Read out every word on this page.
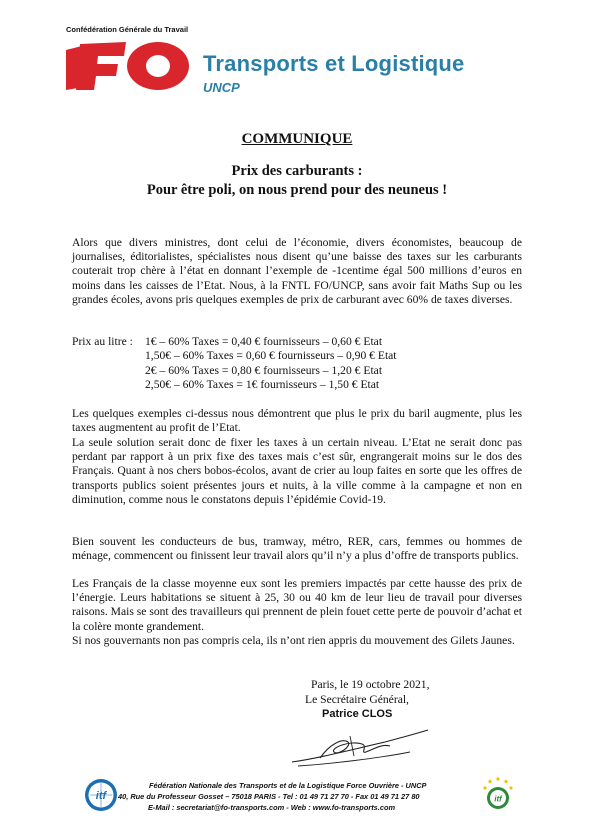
Confédération Générale du Travail
FO
Transports et Logistique
UNCP
COMMUNIQUE
Prix des carburants :
Pour être poli, on nous prend pour des neuneus !
Alors que divers ministres, dont celui de l’économie, divers économistes, beaucoup de journalises, éditorialistes, spécialistes nous disent qu’une baisse des taxes sur les carburants couterait trop chère à l’état en donnant l’exemple de -1centime égal 500 millions d’euros en moins dans les caisses de l’Etat. Nous, à la FNTL FO/UNCP, sans avoir fait Maths Sup ou les grandes écoles, avons pris quelques exemples de prix de carburant avec 60% de taxes diverses.
Prix au litre : 1€ – 60% Taxes = 0,40 € fournisseurs – 0,60 € Etat
1,50€ – 60% Taxes = 0,60 € fournisseurs – 0,90 € Etat
2€ – 60% Taxes = 0,80 € fournisseurs – 1,20 € Etat
2,50€ – 60% Taxes = 1€ fournisseurs – 1,50 € Etat
Les quelques exemples ci-dessus nous démontrent que plus le prix du baril augmente, plus les taxes augmentent au profit de l’Etat.
La seule solution serait donc de fixer les taxes à un certain niveau. L’Etat ne serait donc pas perdant par rapport à un prix fixe des taxes mais c’est sûr, engrangerait moins sur le dos des Français. Quant à nos chers bobos-écolos, avant de crier au loup faites en sorte que les offres de transports publics soient présentes jours et nuits, à la ville comme à la campagne et non en diminution, comme nous le constatons depuis l’épidémie Covid-19.
Bien souvent les conducteurs de bus, tramway, métro, RER, cars, femmes ou hommes de ménage, commencent ou finissent leur travail alors qu’il n’y a plus d’offre de transports publics.
Les Français de la classe moyenne eux sont les premiers impactés par cette hausse des prix de l’énergie. Leurs habitations se situent à 25, 30 ou 40 km de leur lieu de travail pour diverses raisons. Mais se sont des travailleurs qui prennent de plein fouet cette perte de pouvoir d’achat et la colère monte grandement.
Si nos gouvernants non pas compris cela, ils n’ont rien appris du mouvement des Gilets Jaunes.
Paris, le 19 octobre 2021,
Le Secrétaire Général,
Patrice CLOS
itf
Fédération Nationale des Transports et de la Logistique Force Ouvrière - UNCP
40, Rue du Professeur Gosset – 75018 PARIS - Tel : 01 49 71 27 70 - Fax 01 49 71 27 80
E-Mail : secretariat@fo-transports.com - Web : www.fo-transports.com
itf
